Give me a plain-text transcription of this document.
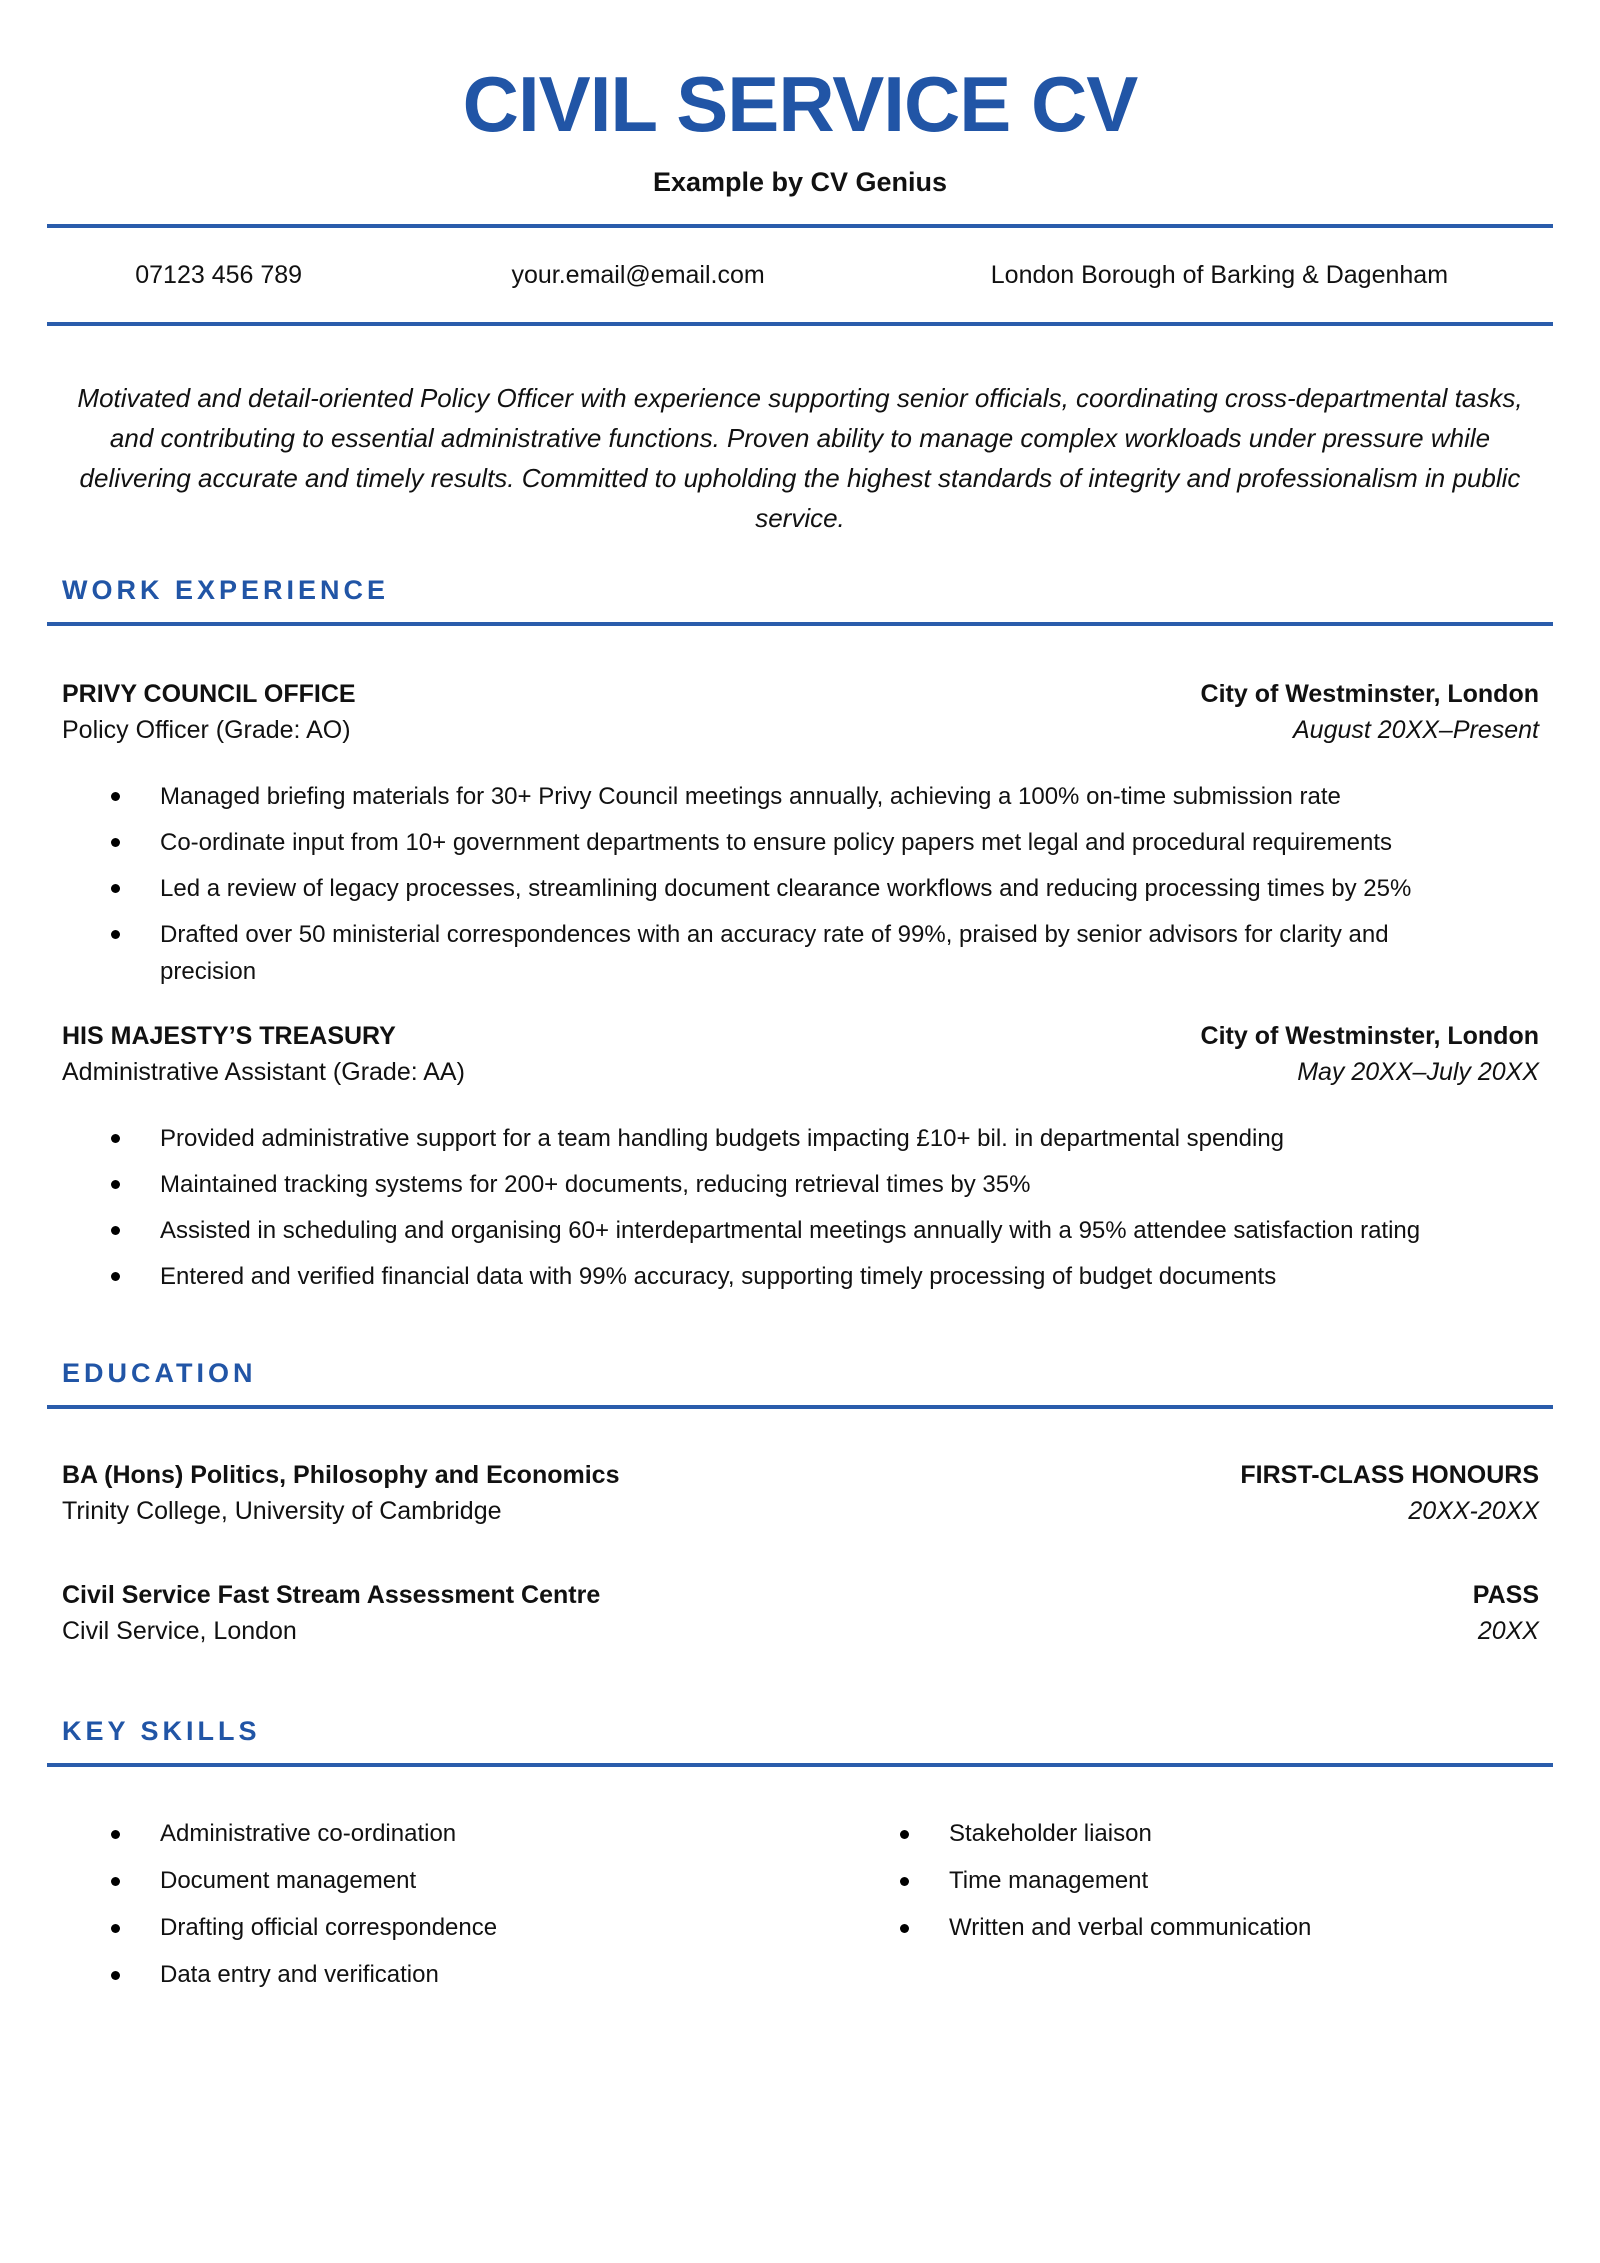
CIVIL SERVICE CV
Example by CV Genius
07123 456 789	your.email@email.com	London Borough of Barking & Dagenham

Motivated and detail-oriented Policy Officer with experience supporting senior officials, coordinating cross-departmental tasks, and contributing to essential administrative functions. Proven ability to manage complex workloads under pressure while delivering accurate and timely results. Committed to upholding the highest standards of integrity and professionalism in public service.

WORK EXPERIENCE
PRIVY COUNCIL OFFICE	City of Westminster, London
Policy Officer (Grade: AO)	August 20XX–Present
Managed briefing materials for 30+ Privy Council meetings annually, achieving a 100% on-time submission rate
Co-ordinate input from 10+ government departments to ensure policy papers met legal and procedural requirements
Led a review of legacy processes, streamlining document clearance workflows and reducing processing times by 25%
Drafted over 50 ministerial correspondences with an accuracy rate of 99%, praised by senior advisors for clarity and precision
HIS MAJESTY’S TREASURY	City of Westminster, London
Administrative Assistant (Grade: AA)	May 20XX–July 20XX
Provided administrative support for a team handling budgets impacting £10+ bil. in departmental spending
Maintained tracking systems for 200+ documents, reducing retrieval times by 35%
Assisted in scheduling and organising 60+ interdepartmental meetings annually with a 95% attendee satisfaction rating
Entered and verified financial data with 99% accuracy, supporting timely processing of budget documents
EDUCATION
BA (Hons) Politics, Philosophy and Economics	FIRST-CLASS HONOURS
Trinity College, University of Cambridge	20XX-20XX
Civil Service Fast Stream Assessment Centre	PASS
Civil Service, London	20XX
KEY SKILLS
Administrative co-ordination
Document management
Drafting official correspondence
Data entry and verification
Stakeholder liaison
Time management
Written and verbal communication
